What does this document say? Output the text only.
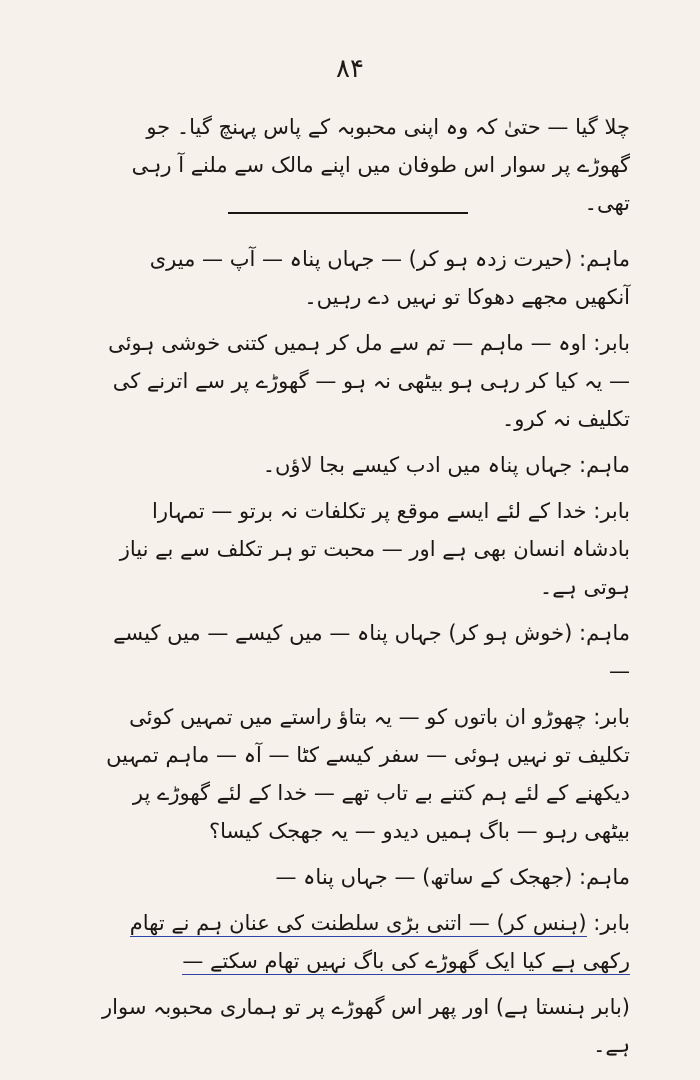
۸۴
چلا گیا — حتیٰ کہ وہ اپنی محبوبہ کے پاس پہنچ گیا۔ جو گھوڑے پر سوار اس طوفان میں اپنے مالک سے ملنے آ رہی تھی۔

ماہم: (حیرت زدہ ہو کر) — جہاں پناہ — آپ — میری آنکھیں مجھے دھوکا تو نہیں دے رہیں۔

بابر: اوہ — ماہم — تم سے مل کر ہمیں کتنی خوشی ہوئی — یہ کیا کر رہی ہو بیٹھی نہ ہو — گھوڑے پر سے اترنے کی تکلیف نہ کرو۔

ماہم: جہاں پناہ میں ادب کیسے بجا لاؤں۔

بابر: خدا کے لئے ایسے موقع پر تکلفات نہ برتو — تمہارا بادشاہ انسان بھی ہے اور — محبت تو ہر تکلف سے بے نیاز ہوتی ہے۔

ماہم: (خوش ہو کر) جہاں پناہ — میں کیسے — میں کیسے —

بابر: چھوڑو ان باتوں کو — یہ بتاؤ راستے میں تمہیں کوئی تکلیف تو نہیں ہوئی — سفر کیسے کٹا — آہ — ماہم تمہیں دیکھنے کے لئے ہم کتنے بے تاب تھے — خدا کے لئے گھوڑے پر بیٹھی رہو — باگ ہمیں دیدو — یہ جھجک کیسا؟

ماہم: (جھجک کے ساتھ) — جہاں پناہ —

بابر: (ہنس کر) — اتنی بڑی سلطنت کی عنان ہم نے تھام رکھی ہے کیا ایک گھوڑے کی باگ نہیں تھام سکتے —

(بابر ہنستا ہے) اور پھر اس گھوڑے پر تو ہماری محبوبہ سوار ہے۔
